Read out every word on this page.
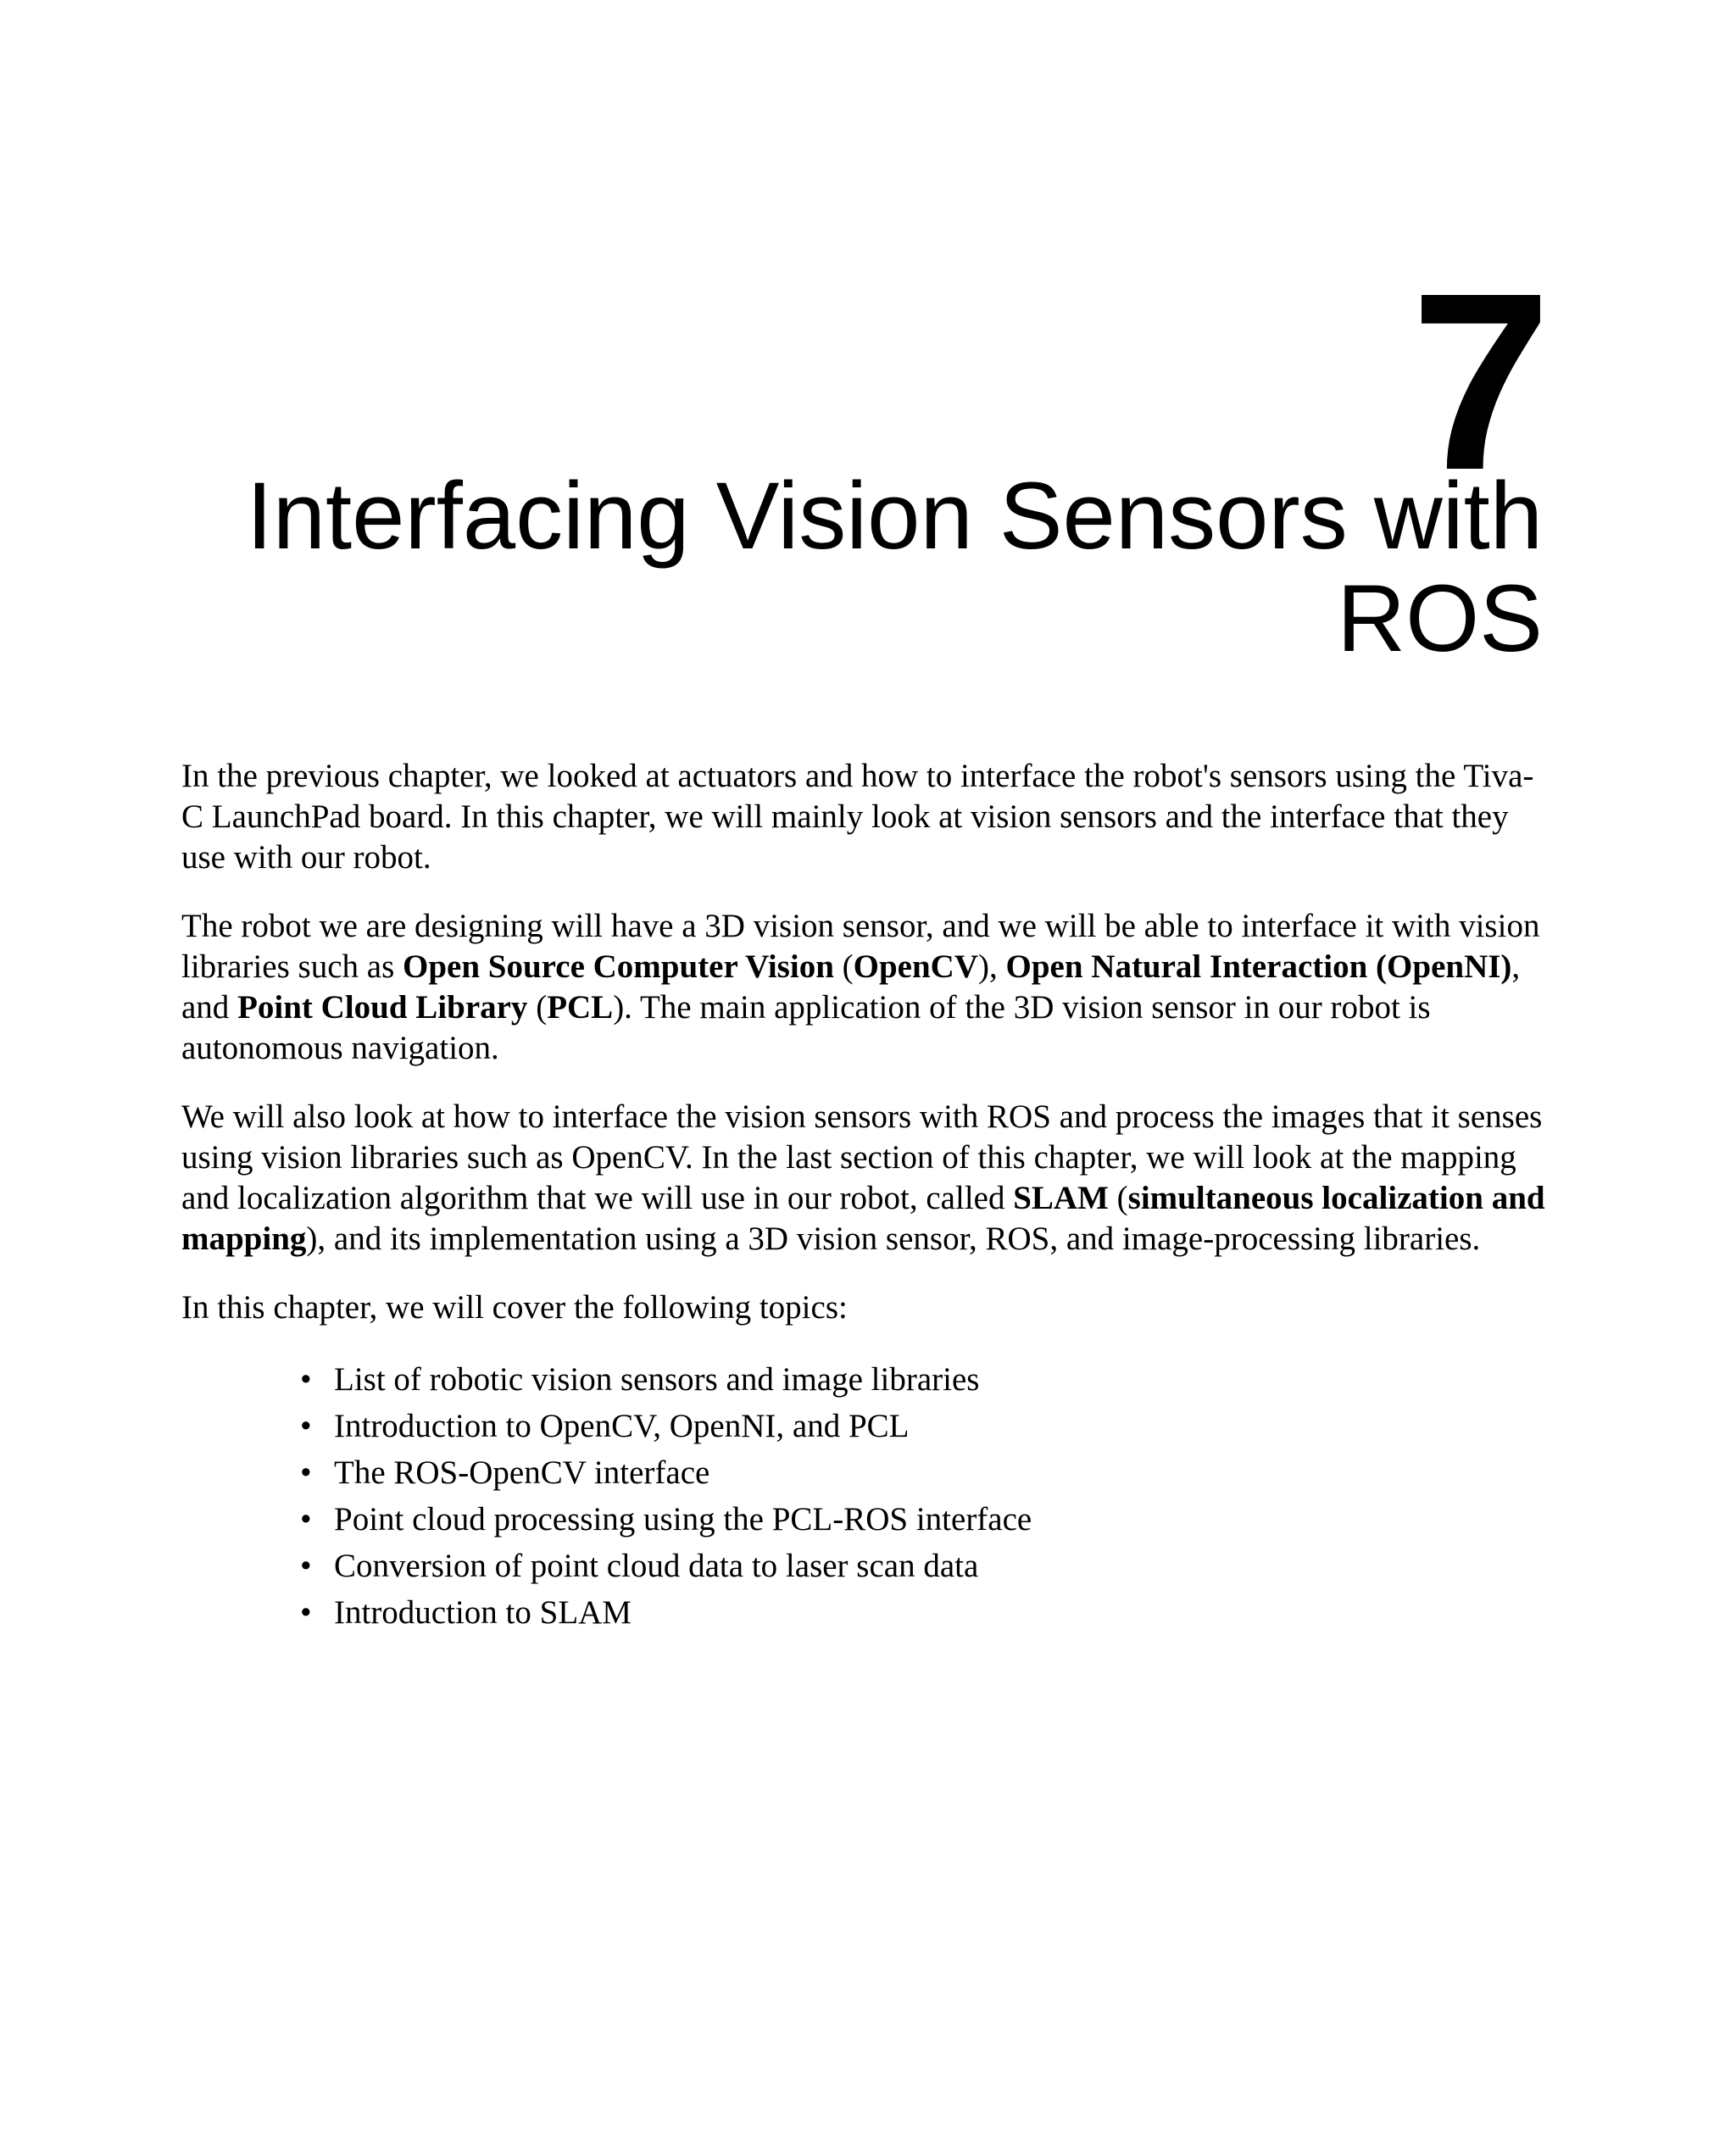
7
Interfacing Vision Sensors with ROS

In the previous chapter, we looked at actuators and how to interface the robot's sensors using the Tiva-C LaunchPad board. In this chapter, we will mainly look at vision sensors and the interface that they use with our robot.

The robot we are designing will have a 3D vision sensor, and we will be able to interface it with vision libraries such as Open Source Computer Vision (OpenCV), Open Natural Interaction (OpenNI), and Point Cloud Library (PCL). The main application of the 3D vision sensor in our robot is autonomous navigation.

We will also look at how to interface the vision sensors with ROS and process the images that it senses using vision libraries such as OpenCV. In the last section of this chapter, we will look at the mapping and localization algorithm that we will use in our robot, called SLAM (simultaneous localization and mapping), and its implementation using a 3D vision sensor, ROS, and image-processing libraries.

In this chapter, we will cover the following topics:

• List of robotic vision sensors and image libraries
• Introduction to OpenCV, OpenNI, and PCL
• The ROS-OpenCV interface
• Point cloud processing using the PCL-ROS interface
• Conversion of point cloud data to laser scan data
• Introduction to SLAM
